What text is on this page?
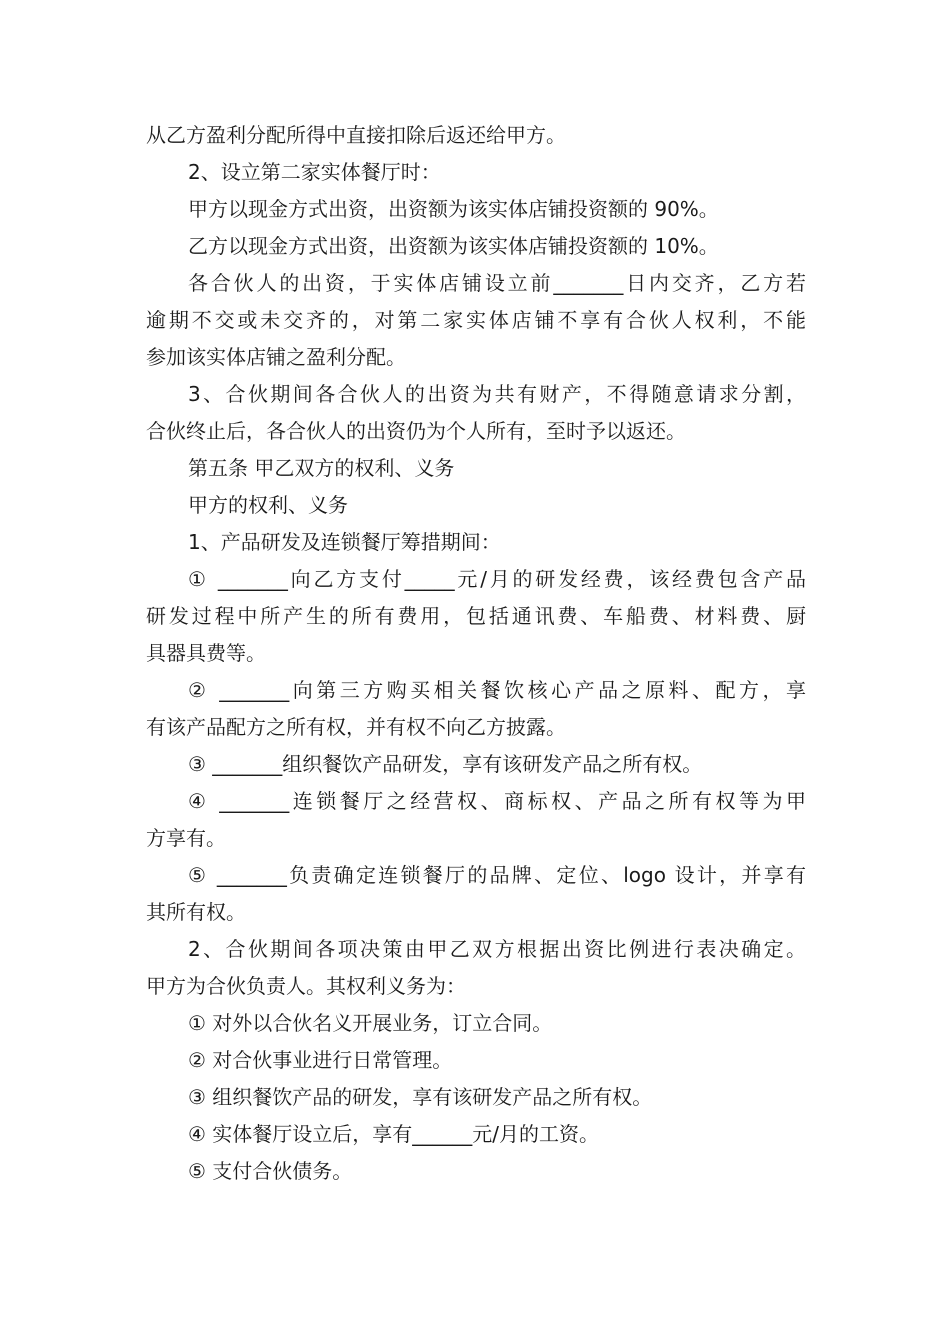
从乙方盈利分配所得中直接扣除后返还给甲方。

2、设立第二家实体餐厅时：

甲方以现金方式出资，出资额为该实体店铺投资额的 90%。

乙方以现金方式出资，出资额为该实体店铺投资额的 10%。

各合伙人的出资，于实体店铺设立前_______日内交齐，乙方若

逾期不交或未交齐的，对第二家实体店铺不享有合伙人权利，不能

参加该实体店铺之盈利分配。

3、合伙期间各合伙人的出资为共有财产，不得随意请求分割，

合伙终止后，各合伙人的出资仍为个人所有，至时予以返还。

第五条 甲乙双方的权利、义务

甲方的权利、义务

1、产品研发及连锁餐厅筹措期间：

① _______向乙方支付_____元/月的研发经费，该经费包含产品

研发过程中所产生的所有费用，包括通讯费、车船费、材料费、厨

具器具费等。

② _______向第三方购买相关餐饮核心产品之原料、配方，享

有该产品配方之所有权，并有权不向乙方披露。

③ _______组织餐饮产品研发，享有该研发产品之所有权。

④ _______连锁餐厅之经营权、商标权、产品之所有权等为甲

方享有。

⑤ _______负责确定连锁餐厅的品牌、定位、logo 设计，并享有

其所有权。

2、合伙期间各项决策由甲乙双方根据出资比例进行表决确定。

甲方为合伙负责人。其权利义务为：

① 对外以合伙名义开展业务，订立合同。

② 对合伙事业进行日常管理。

③ 组织餐饮产品的研发，享有该研发产品之所有权。

④ 实体餐厅设立后，享有______元/月的工资。

⑤ 支付合伙债务。
